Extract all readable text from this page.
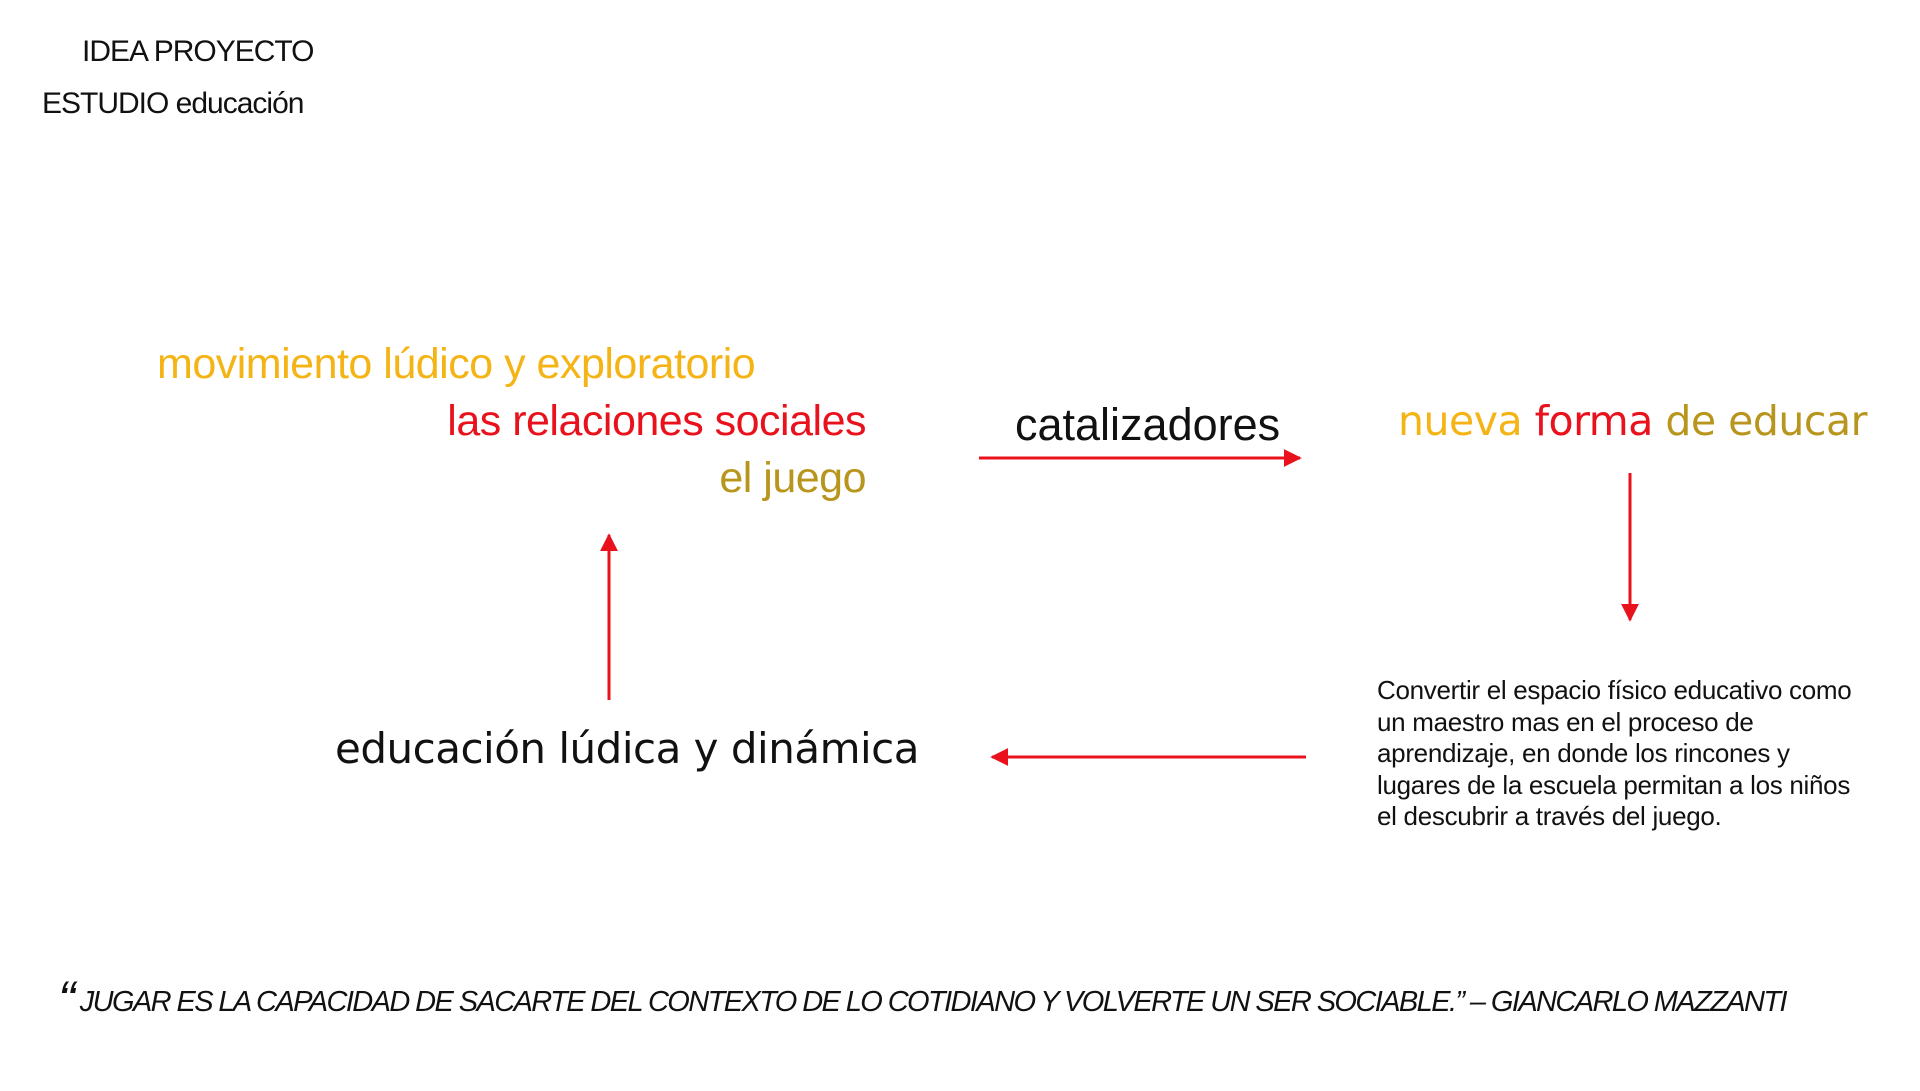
IDEA PROYECTO
ESTUDIO educación
movimiento lúdico y exploratorio
las relaciones sociales
el juego
catalizadores	nueva forma de educar
Convertir el espacio físico educativo como
un maestro mas en el proceso de
aprendizaje, en donde los rincones y
lugares de la escuela permitan a los niños
el descubrir a través del juego.
educación lúdica y dinámica
“ JUGAR ES LA CAPACIDAD DE SACARTE DEL CONTEXTO DE LO COTIDIANO Y VOLVERTE UN SER SOCIABLE.” – GIANCARLO MAZZANTI
